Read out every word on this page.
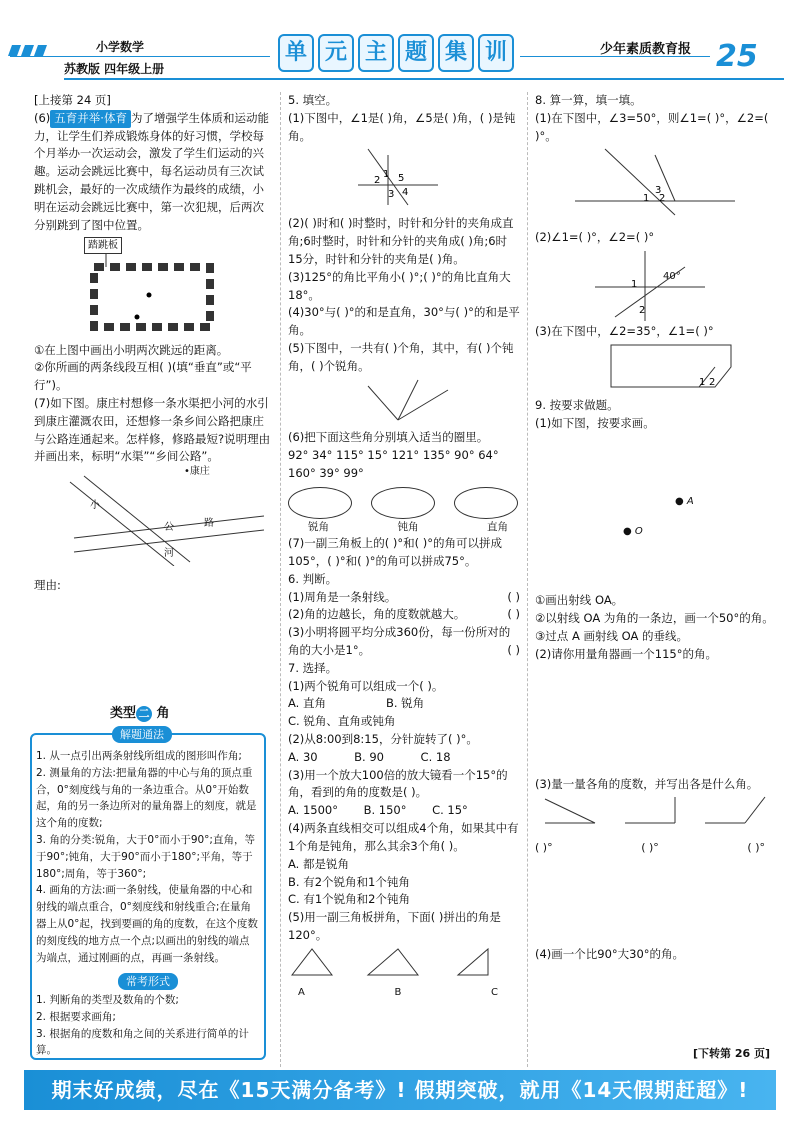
小学数学
苏教版 四年级上册
单 元 主 题 集 训	少年素质教育报 25

[上接第 24 页]

(6) 五育并举·体育 为了增强学生体质和运动能力，让学生们养成锻炼身体的好习惯，学校每个月举办一次运动会，激发了学生们运动的兴趣。运动会跳远比赛中，每名运动员有三次试跳机会，最好的一次成绩作为最终的成绩，小明在运动会跳远比赛中，第一次犯规，后两次分别跳到了图中位置。

踏跳板

①在上图中画出小明两次跳远的距离。

②你所画的两条线段互相( )(填“垂直”或“平行”)。

(7)如下图。康庄村想修一条水渠把小河的水引到康庄灌溉农田，还想修一条乡间公路把康庄与公路连通起来。怎样修，修路最短?说明理由并画出来，标明“水渠”“乡间公路”。

•康庄
小
河
公	路

理由:

类型 二 角
解题通法

1. 从一点引出两条射线所组成的图形叫作角;

2. 测量角的方法:把量角器的中心与角的顶点重合，0°刻度线与角的一条边重合。从0°开始数起，角的另一条边所对的量角器上的刻度，就是这个角的度数;

3. 角的分类:锐角，大于0°而小于90°;直角，等于90°;钝角，大于90°而小于180°;平角，等于180°;周角，等于360°;

4. 画角的方法:画一条射线，使量角器的中心和射线的端点重合，0°刻度线和射线重合;在量角器上从0°起，找到要画的角的度数，在这个度数的刻度线的地方点一个点;以画出的射线的端点为端点，通过刚画的点，再画一条射线。

常考形式

1. 判断角的类型及数角的个数;

2. 根据要求画角;

3. 根据角的度数和角之间的关系进行简单的计算。

5. 填空。

(1)下图中，∠1是( )角，∠5是( )角，( )是钝角。

2
1 5
3 4

(2)( )时和( )时整时，时针和分针的夹角成直角;6时整时，时针和分针的夹角成( )角;6时15分，时针和分针的夹角是( )角。

(3)125°的角比平角小( )°;( )°的角比直角大18°。

(4)30°与( )°的和是直角，30°与( )°的和是平角。

(5)下图中，一共有( )个角，其中，有( )个钝角，( )个锐角。

(6)把下面这些角分别填入适当的圈里。

92° 34° 115° 15° 121° 135° 90° 64°

160° 39° 99°

锐角	钝角	直角

(7)一副三角板上的( )°和( )°的角可以拼成105°，( )°和( )°的角可以拼成75°。

6. 判断。

(1)周角是一条射线。	( )

(2)角的边越长，角的度数就越大。	( )

(3)小明将圆平均分成360份，每一份所对的角的大小是1°。	( )

7. 选择。

(1)两个锐角可以组成一个( )。

A. 直角	B. 锐角

C. 锐角、直角或钝角

(2)从8:00到8:15，分针旋转了( )°。

A. 30          B. 90          C. 18

(3)用一个放大100倍的放大镜看一个15°的角，看到的角的度数是( )。

A. 1500°       B. 150°       C. 15°

(4)两条直线相交可以组成4个角，如果其中有1个角是钝角，那么其余3个角( )。

A. 都是锐角

B. 有2个锐角和1个钝角

C. 有1个锐角和2个钝角

(5)用一副三角板拼角，下面( )拼出的角是120°。

A	B	C

8. 算一算，填一填。

(1)在下图中，∠3=50°，则∠1=( )°，∠2=( )°。

3
1 2

(2)∠1=( )°，∠2=( )°

1
2
40°

(3)在下图中，∠2=35°，∠1=( )°

1 2

9. 按要求做题。

(1)如下图，按要求画。

● A
● O

①画出射线 OA。

②以射线 OA 为角的一条边，画一个50°的角。

③过点 A 画射线 OA 的垂线。

(2)请你用量角器画一个115°的角。

(3)量一量各角的度数，并写出各是什么角。

( )°	( )°	( )°

(4)画一个比90°大30°的角。

[下转第 26 页]
期末好成绩，尽在《15天满分备考》! 假期突破，就用《14天假期赶超》!
